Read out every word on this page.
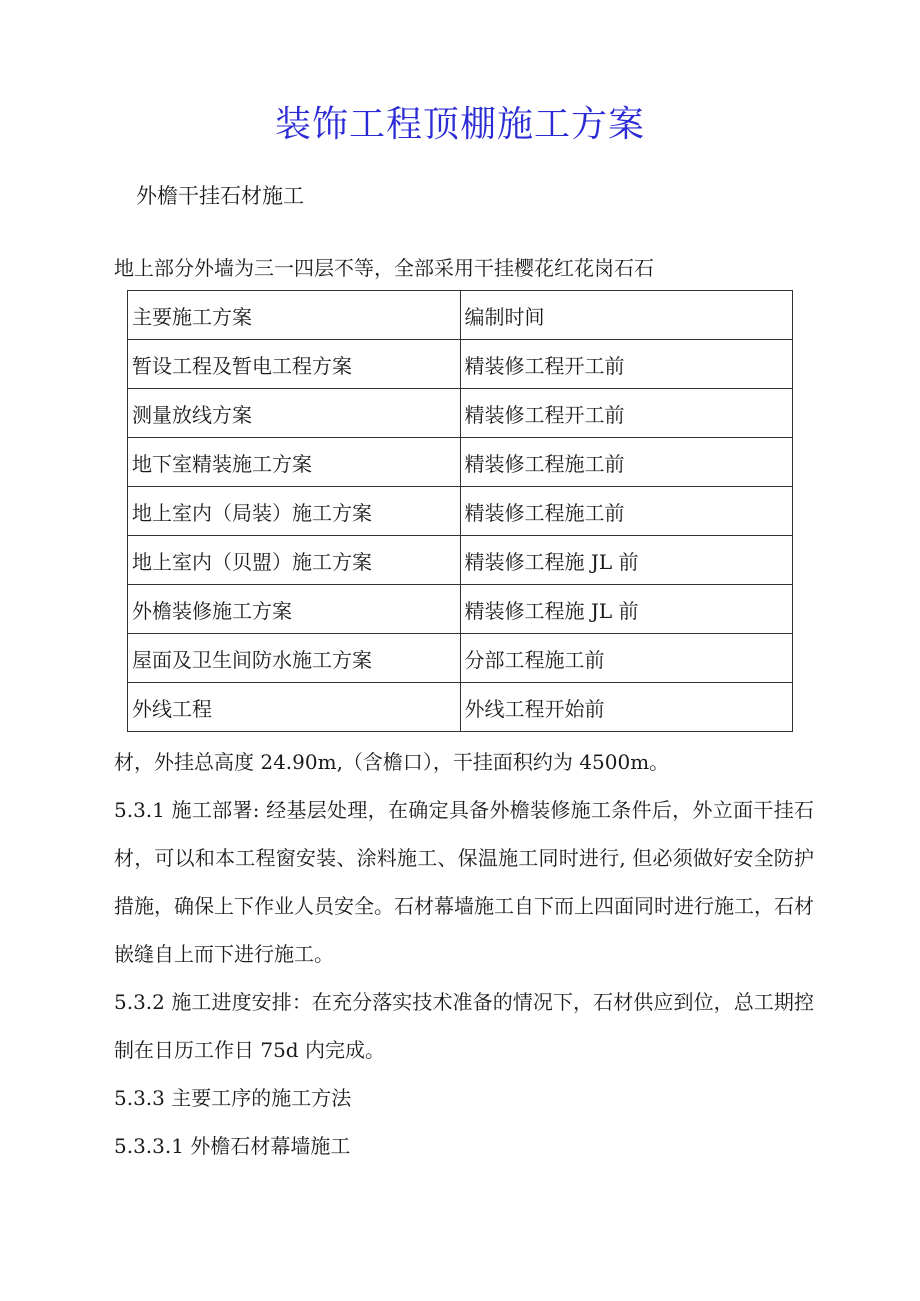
装饰工程顶棚施工方案
外檐干挂石材施工
地上部分外墙为三一四层不等，全部采用干挂樱花红花岗石石
主要施工方案	编制时间
暂设工程及暂电工程方案	精装修工程开工前
测量放线方案	精装修工程开工前
地下室精装施工方案	精装修工程施工前
地上室内（局装）施工方案	精装修工程施工前
地上室内（贝盟）施工方案	精装修工程施 JL 前
外檐装修施工方案	精装修工程施 JL 前
屋面及卫生间防水施工方案	分部工程施工前
外线工程	外线工程开始前

材，外挂总高度 24.90m,（含檐口），干挂面积约为 4500m。

5.3.1 施工部署: 经基层处理，在确定具备外檐装修施工条件后，外立面干挂石材，可以和本工程窗安装、涂料施工、保温施工同时进行, 但必须做好安全防护措施，确保上下作业人员安全。石材幕墙施工自下而上四面同时进行施工，石材嵌缝自上而下进行施工。

5.3.2 施工进度安排：在充分落实技术准备的情况下，石材供应到位，总工期控制在日历工作日 75d 内完成。

5.3.3 主要工序的施工方法

5.3.3.1 外檐石材幕墙施工
